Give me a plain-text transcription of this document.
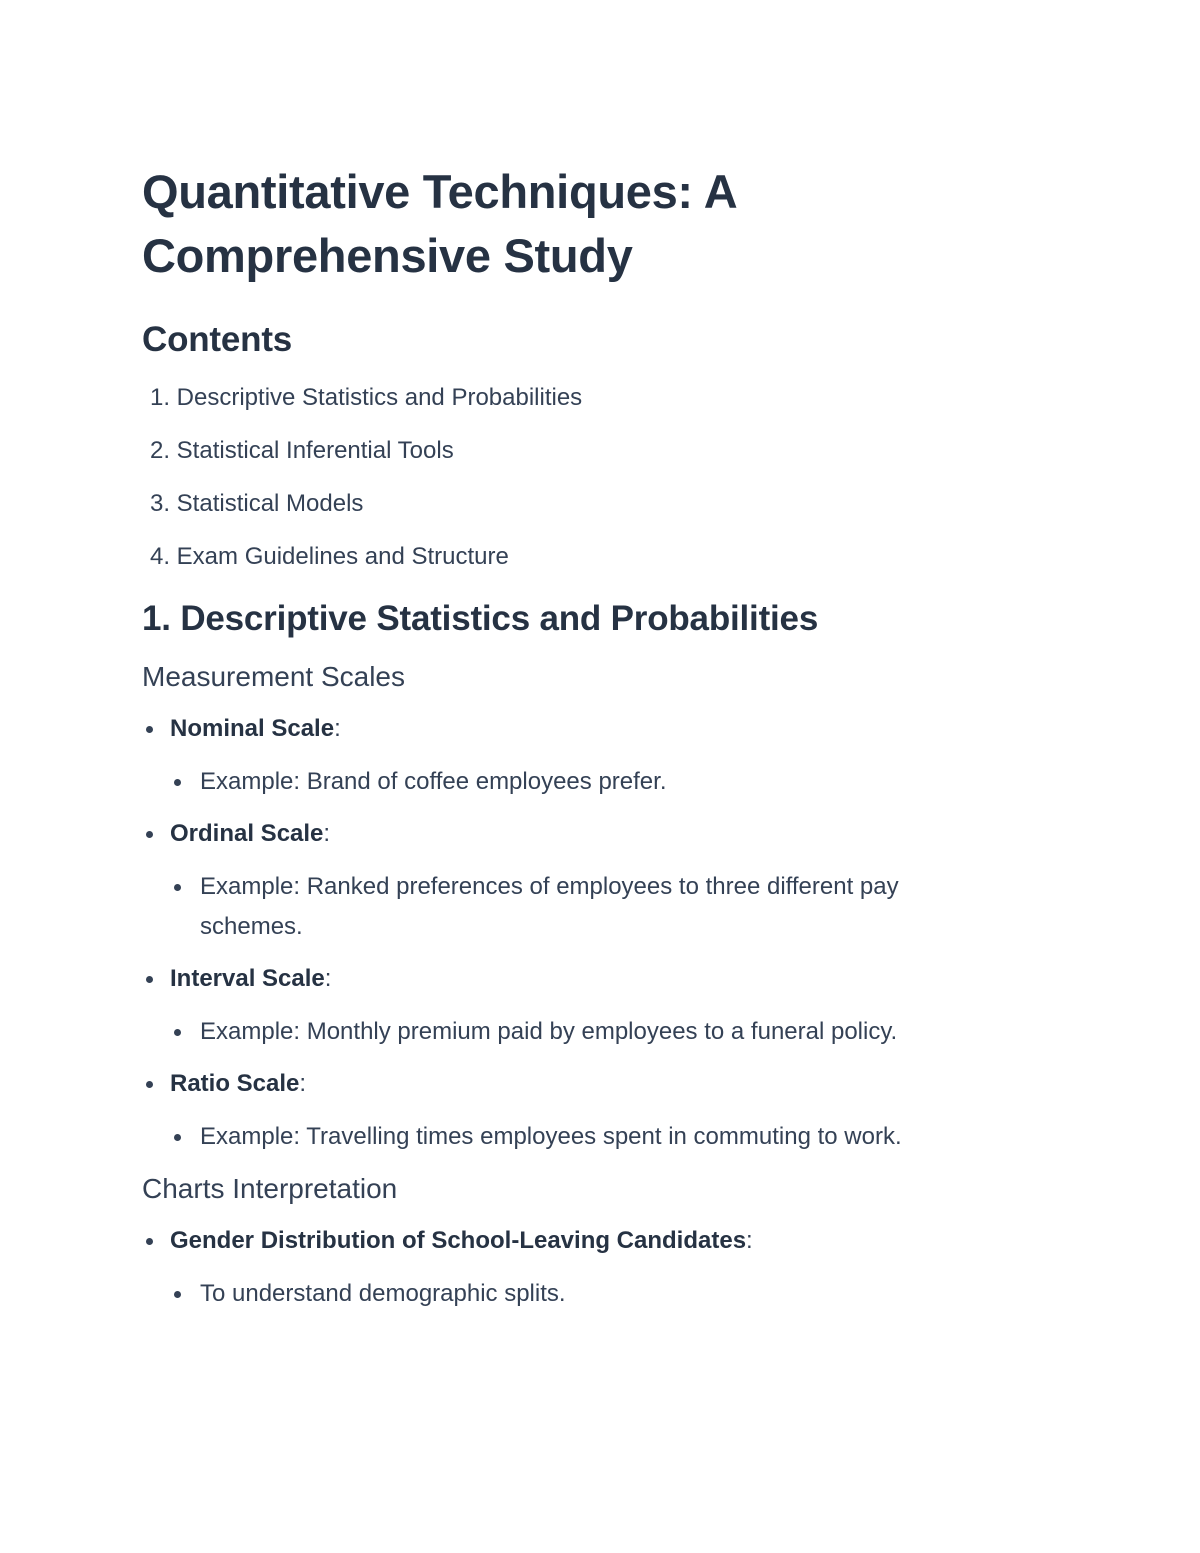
Quantitative Techniques: A Comprehensive Study
Contents
1. Descriptive Statistics and Probabilities
2. Statistical Inferential Tools
3. Statistical Models
4. Exam Guidelines and Structure
1. Descriptive Statistics and Probabilities
Measurement Scales
Nominal Scale:
Example: Brand of coffee employees prefer.
Ordinal Scale:
Example: Ranked preferences of employees to three different pay schemes.
Interval Scale:
Example: Monthly premium paid by employees to a funeral policy.
Ratio Scale:
Example: Travelling times employees spent in commuting to work.
Charts Interpretation
Gender Distribution of School-Leaving Candidates:
To understand demographic splits.
